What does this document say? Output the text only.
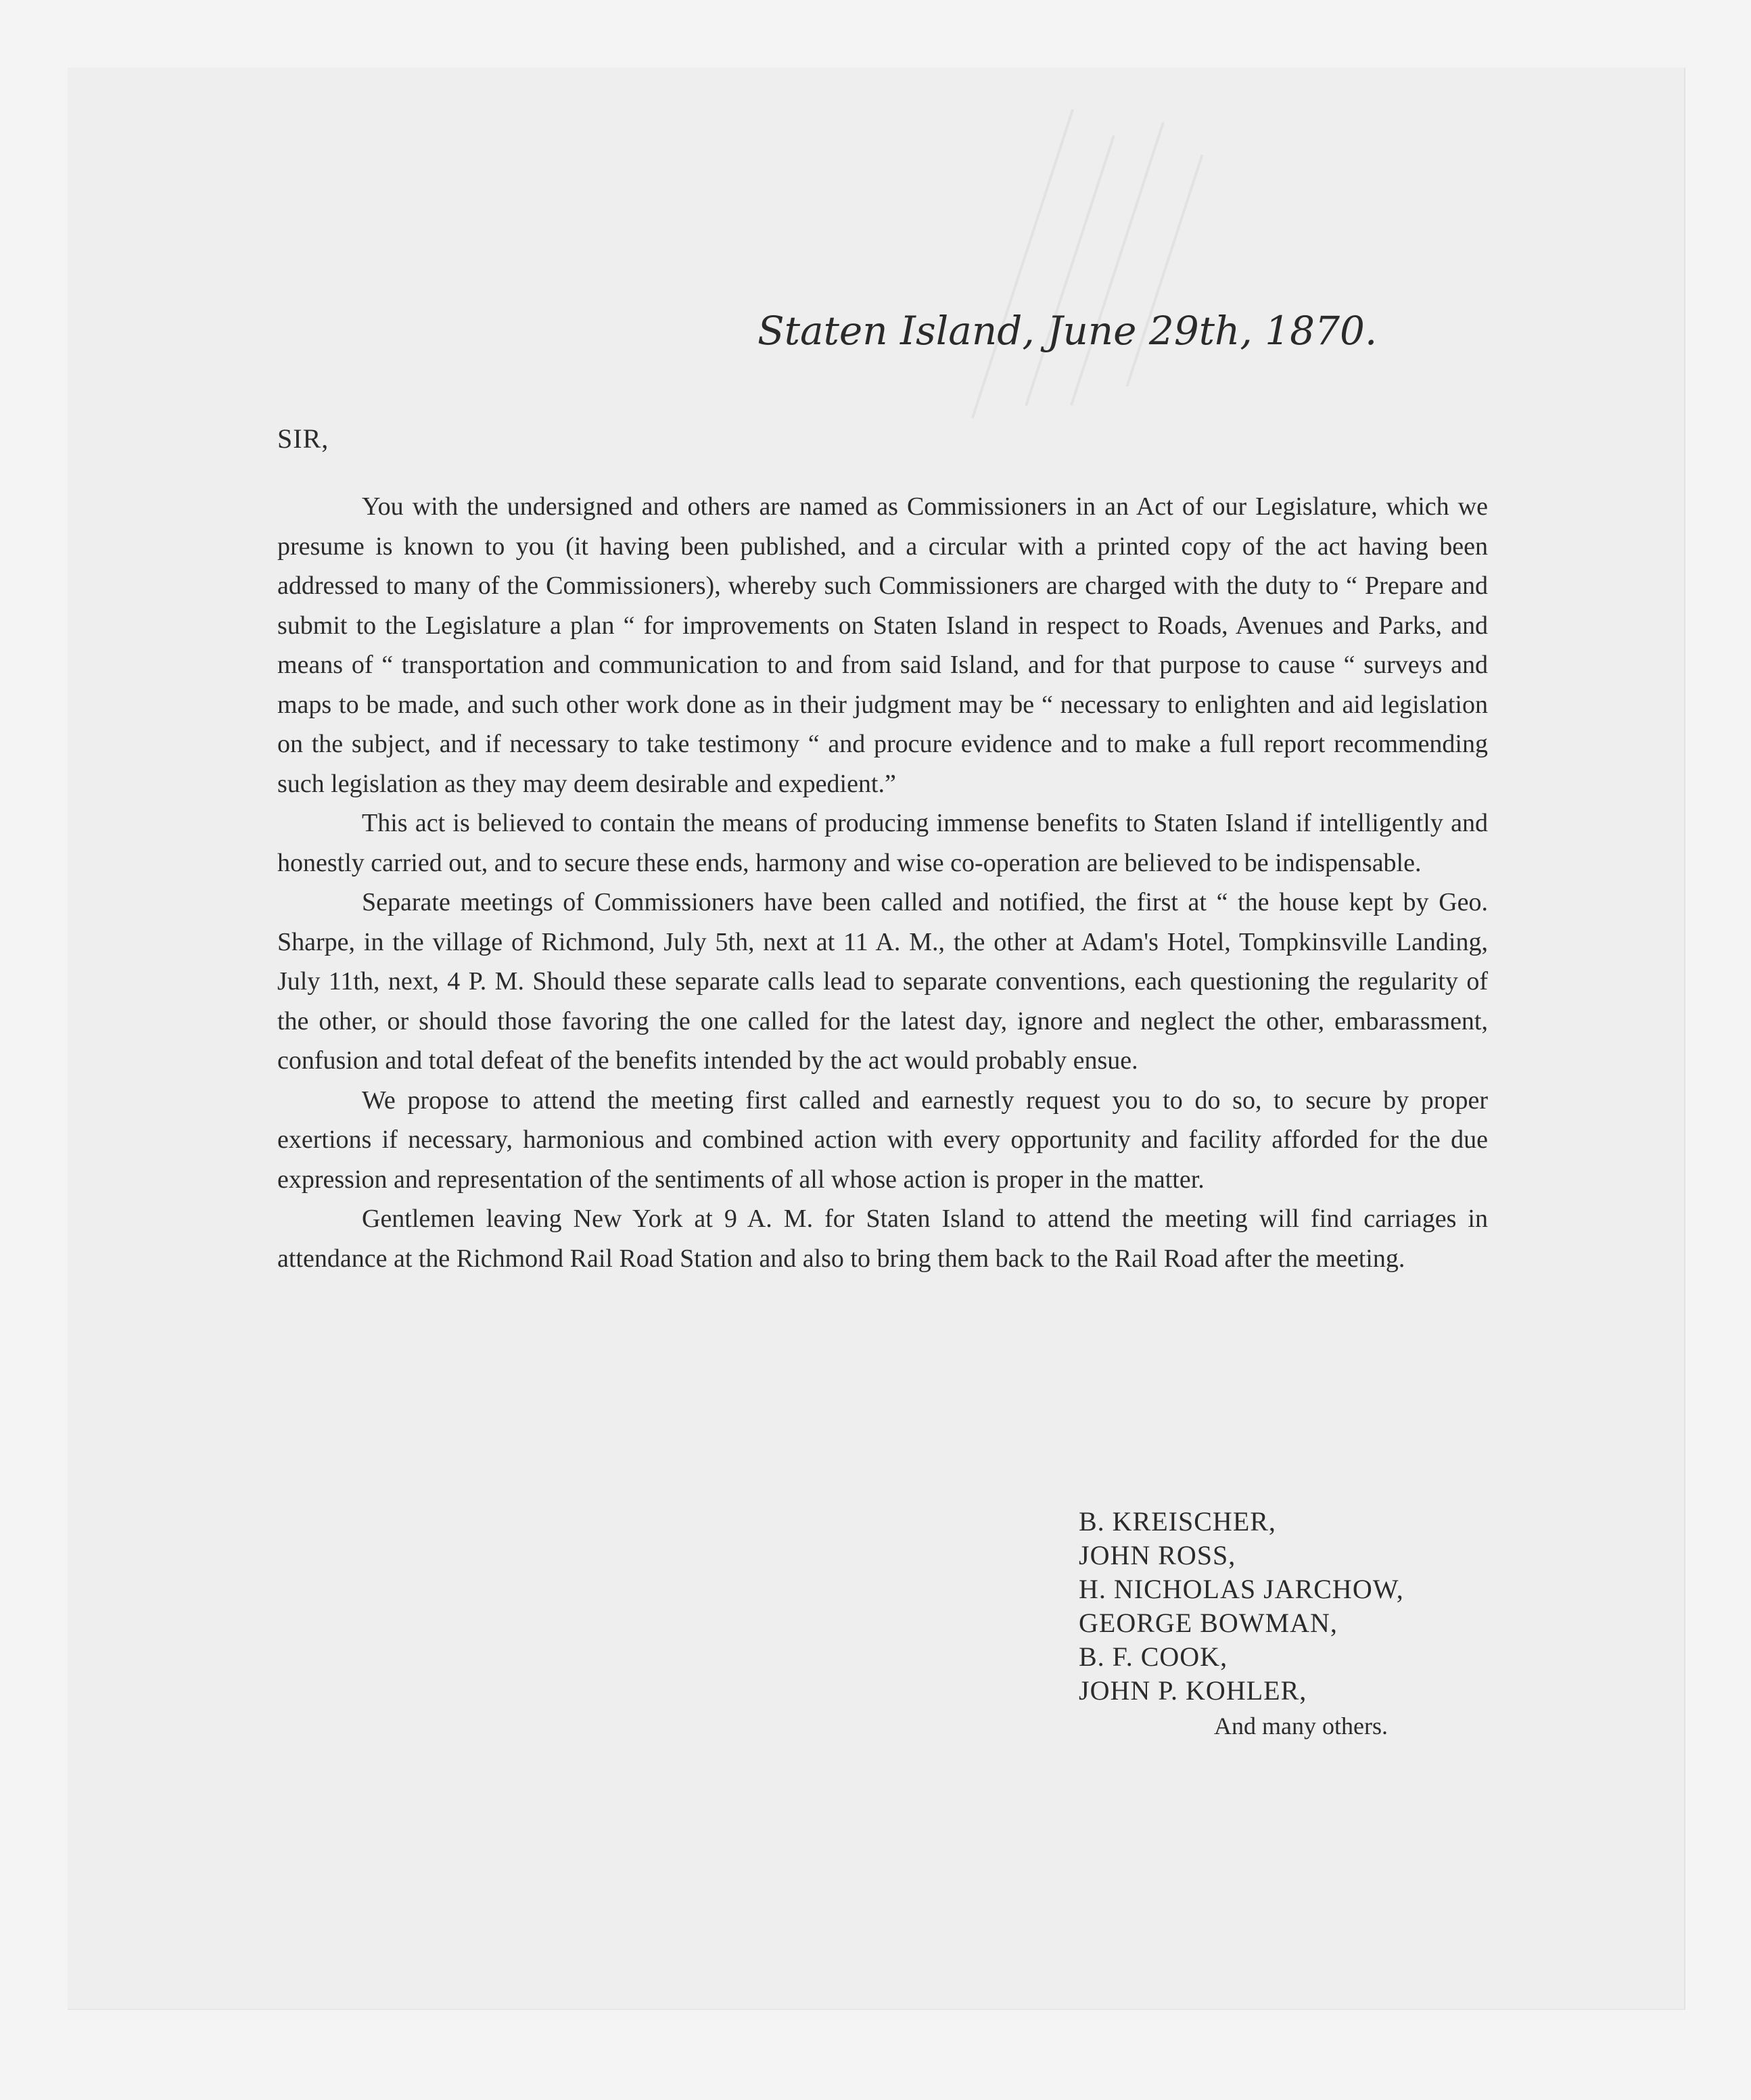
Staten Island, June 29th, 1870.

SIR,

You with the undersigned and others are named as Commissioners in an Act of our Legislature, which we presume is known to you (it having been published, and a circular with a printed copy of the act having been addressed to many of the Commissioners), whereby such Commissioners are charged with the duty to “ Prepare and submit to the Legislature a plan “ for improvements on Staten Island in respect to Roads, Avenues and Parks, and means of “ transportation and communication to and from said Island, and for that purpose to cause “ surveys and maps to be made, and such other work done as in their judgment may be “ necessary to enlighten and aid legislation on the subject, and if necessary to take testimony “ and procure evidence and to make a full report recommending such legislation as they may deem desirable and expedient.”

This act is believed to contain the means of producing immense benefits to Staten Island if intelligently and honestly carried out, and to secure these ends, harmony and wise co-operation are believed to be indispensable.

Separate meetings of Commissioners have been called and notified, the first at “ the house kept by Geo. Sharpe, in the village of Richmond, July 5th, next at 11 A. M., the other at Adam's Hotel, Tompkinsville Landing, July 11th, next, 4 P. M. Should these separate calls lead to separate conventions, each questioning the regularity of the other, or should those favoring the one called for the latest day, ignore and neglect the other, embarassment, confusion and total defeat of the benefits intended by the act would probably ensue.

We propose to attend the meeting first called and earnestly request you to do so, to secure by proper exertions if necessary, harmonious and combined action with every opportunity and facility afforded for the due expression and representation of the sentiments of all whose action is proper in the matter.

Gentlemen leaving New York at 9 A. M. for Staten Island to attend the meeting will find carriages in attendance at the Richmond Rail Road Station and also to bring them back to the Rail Road after the meeting.

B. KREISCHER,
JOHN ROSS,
H. NICHOLAS JARCHOW,
GEORGE BOWMAN,
B. F. COOK,
JOHN P. KOHLER,
And many others.
